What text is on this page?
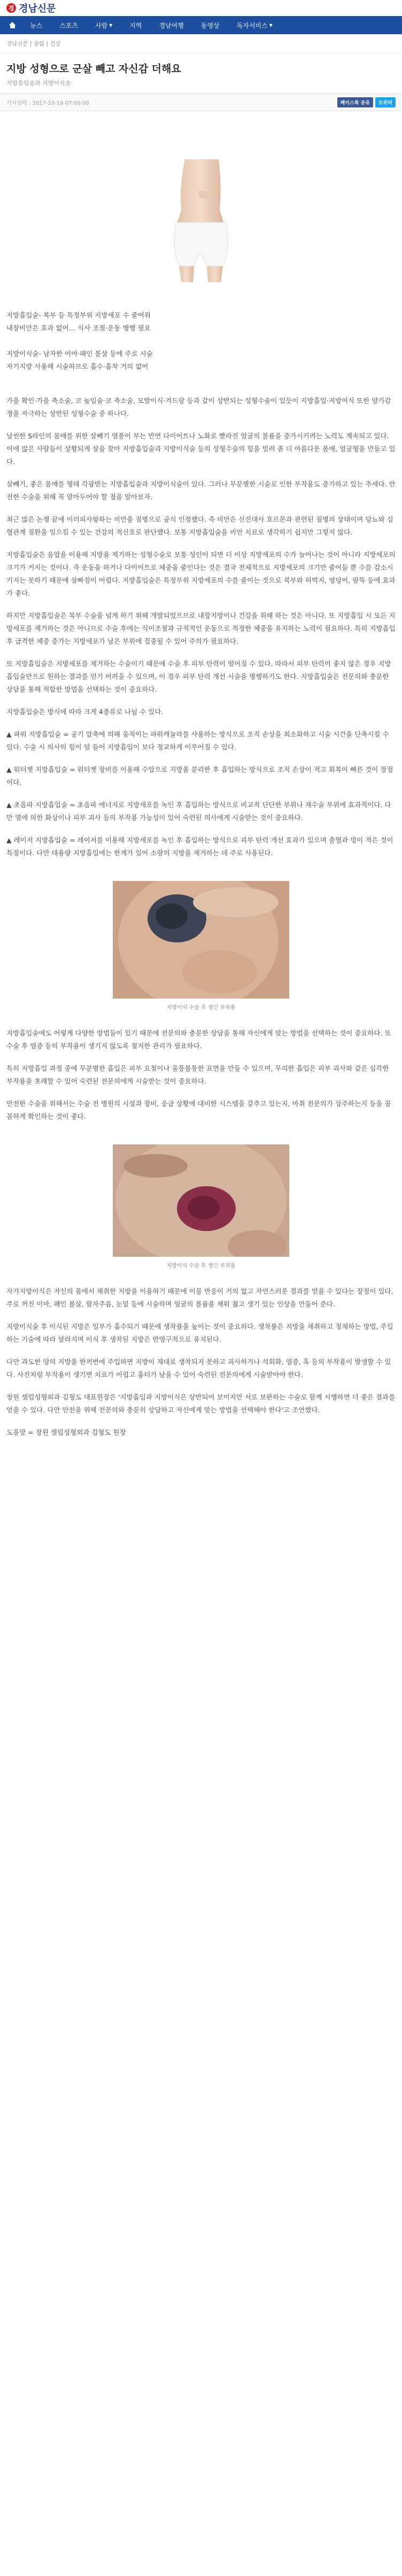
경 경남신문
뉴스	스포츠	사람 ▼	지역	경남여행	동영상	독자서비스 ▼
경남신문 | 종합 | 건강
지방 성형으로 군살 빼고 자신감 더해요
지방흡입술과 지방이식술
기사입력 : 2017-10-19 07:00:00	페이스북 공유	트위터

지방흡입술- 복부 등 특정부위 지방세포 수 줄여줘

내장비만은 효과 없어… 식사 조절·운동 병행 필요

지방이식술- 남자한 이마·패인 볼살 등에 주로 시술

자기지방 사용해 시술하므로 흡수·흡착 거의 없어

가을 확인·가을 축소술, 코 높임술·코 축소술, 모발이식·겨드랑 등과 같이 상반되는 성형수술이 있듯이 지방흡입·지방이식 또한 양가감정을 자극하는 상반된 성형수술 중 하나다.

날씬한 S라인의 몸매를 위한 살빼기 열풍이 부는 반면 다이어트나 노화로 빨라진 얼굴의 볼륨을 증가시키려는 노력도 계속되고 있다. 이에 많은 사람들이 상황되게 살을 찾아 지방흡입술과 지방이식술 등의 성형수술의 힘을 빌려 좀 더 아름다운 몸매, 얼굴형을 만들고 있다.

살빼기, 좋은 몸매를 형태 각광받는 지방흡입술과 지방이식술이 있다. 그러나 무분별한 시술로 인한 부작용도 증가하고 있는 추세다. 안전한 수술을 위해 꼭 알아두어야 할 점을 알아보자.

최근 많은 논쟁 끝에 이러피사항하는 비만을 질병으로 공식 인정했다. 즉 비만은 신진대사 호르몬과 관련된 질병의 상태이며 당뇨와 심혈관계 질환을 일으킬 수 있는 건강의 적신호로 판단했다. 보통 지방흡입술을 비만 치료로 생각하기 쉽지만 그렇지 않다.

지방흡입술은 음압을 이용해 지방을 제거하는 성형수술로 보통 성인이 되면 더 이상 지방세포의 수가 늘어나는 것이 아니라 지방세포의 크기가 커지는 것이다. 즉 운동을 하거나 다이어트로 체중을 줄인다는 것은 결국 전체적으로 지방세포의 크기만 줄어들 뿐 수를 감소시키지는 못하기 때문에 살빠짐이 어렵다. 지방흡입술은 특정부위 지방세포의 수를 줄이는 것으로 복부와 허벅지, 엉덩이, 팔뚝 등에 효과가 좋다.

하지만 지방흡입술은 복부 수술을 넘게 하기 위해 개발되었으므로 내장지방이나 건강을 위해 하는 것은 아니다. 또 지방흡입 시 모든 지방세포를 제거하는 것은 아니므로 수술 후에는 식이조절과 규칙적인 운동으로 적정한 체중을 유지하는 노력이 필요하다. 특히 지방흡입 후 급격한 체중 증가는 지방세포가 남은 부위에 집중될 수 있어 주의가 필요하다.

또 지방흡입술은 지방세포를 제거하는 수술이기 때문에 수술 후 피부 탄력이 떨어질 수 있다. 따라서 피부 탄력이 좋지 않은 경우 지방흡입술만으로 원하는 결과를 얻기 어려울 수 있으며, 이 경우 피부 탄력 개선 시술을 병행하기도 한다. 지방흡입술은 전문의와 충분한 상담을 통해 적합한 방법을 선택하는 것이 중요하다.

지방흡입술은 방식에 따라 크게 4종류로 나뉠 수 있다.

▲ 파워 지방흡입술 = 공기 압축에 의해 움직이는 파워캐뉼라를 사용하는 방식으로 조직 손상을 최소화하고 시술 시간을 단축시킬 수 있다. 수술 시 의사의 힘이 덜 들어 지방흡입이 보다 정교하게 이루어질 수 있다.

▲ 워터젯 지방흡입술 = 워터젯 장비를 이용해 수압으로 지방을 분리한 후 흡입하는 방식으로 조직 손상이 적고 회복이 빠른 것이 장점이다.

▲ 초음파 지방흡입술 = 초음파 에너지로 지방세포를 녹인 후 흡입하는 방식으로 비교적 단단한 부위나 재수술 부위에 효과적이다. 다만 열에 의한 화상이나 피부 괴사 등의 부작용 가능성이 있어 숙련된 의사에게 시술받는 것이 중요하다.

▲ 레이저 지방흡입술 = 레이저를 이용해 지방세포를 녹인 후 흡입하는 방식으로 피부 탄력 개선 효과가 있으며 출혈과 멍이 적은 것이 특징이다. 다만 대용량 지방흡입에는 한계가 있어 소량의 지방을 제거하는 데 주로 사용된다.

지방이식 수술 후 생긴 부작용

지방흡입술에도 어떻게 다양한 방법들이 있기 때문에 전문의와 충분한 상담을 통해 자신에게 맞는 방법을 선택하는 것이 중요하다. 또 수술 후 염증 등의 부작용이 생기지 않도록 철저한 관리가 필요하다.

특히 지방흡입 과정 중에 무분별한 흡입은 피부 요철이나 울퉁불퉁한 표면을 만들 수 있으며, 무리한 흡입은 피부 괴사와 같은 심각한 부작용을 초래할 수 있어 숙련된 전문의에게 시술받는 것이 중요하다.

안전한 수술을 위해서는 수술 전 병원의 시설과 장비, 응급 상황에 대비한 시스템을 갖추고 있는지, 마취 전문의가 상주하는지 등을 꼼꼼하게 확인하는 것이 좋다.

지방이식 수술 후 생긴 부작용

자가지방이식은 자신의 몸에서 채취한 지방을 이용하기 때문에 이물 반응이 거의 없고 자연스러운 결과를 얻을 수 있다는 장점이 있다. 주로 꺼진 이마, 패인 볼살, 팔자주름, 눈밑 등에 시술하며 얼굴의 볼륨을 채워 젊고 생기 있는 인상을 만들어 준다.

지방이식술 후 이식된 지방은 일부가 흡수되기 때문에 생착률을 높이는 것이 중요하다. 생착률은 지방을 채취하고 정제하는 방법, 주입하는 기술에 따라 달라지며 이식 후 생착된 지방은 반영구적으로 유지된다.

다만 과도한 양의 지방을 한꺼번에 주입하면 지방이 제대로 생착되지 못하고 괴사하거나 석회화, 염증, 혹 등의 부작용이 발생할 수 있다. 사진처럼 부작용이 생기면 치료가 어렵고 흉터가 남을 수 있어 숙련된 전문의에게 시술받아야 한다.

창원 셀럽성형외과 김형도 대표원장은 '지방흡입과 지방이식은 상반되어 보이지만 서로 보완하는 수술로 함께 시행하면 더 좋은 결과를 얻을 수 있다. 다만 안전을 위해 전문의와 충분히 상담하고 자신에게 맞는 방법을 선택해야 한다'고 조언했다.

도움말 = 창원 셀럽성형외과 김형도 원장
